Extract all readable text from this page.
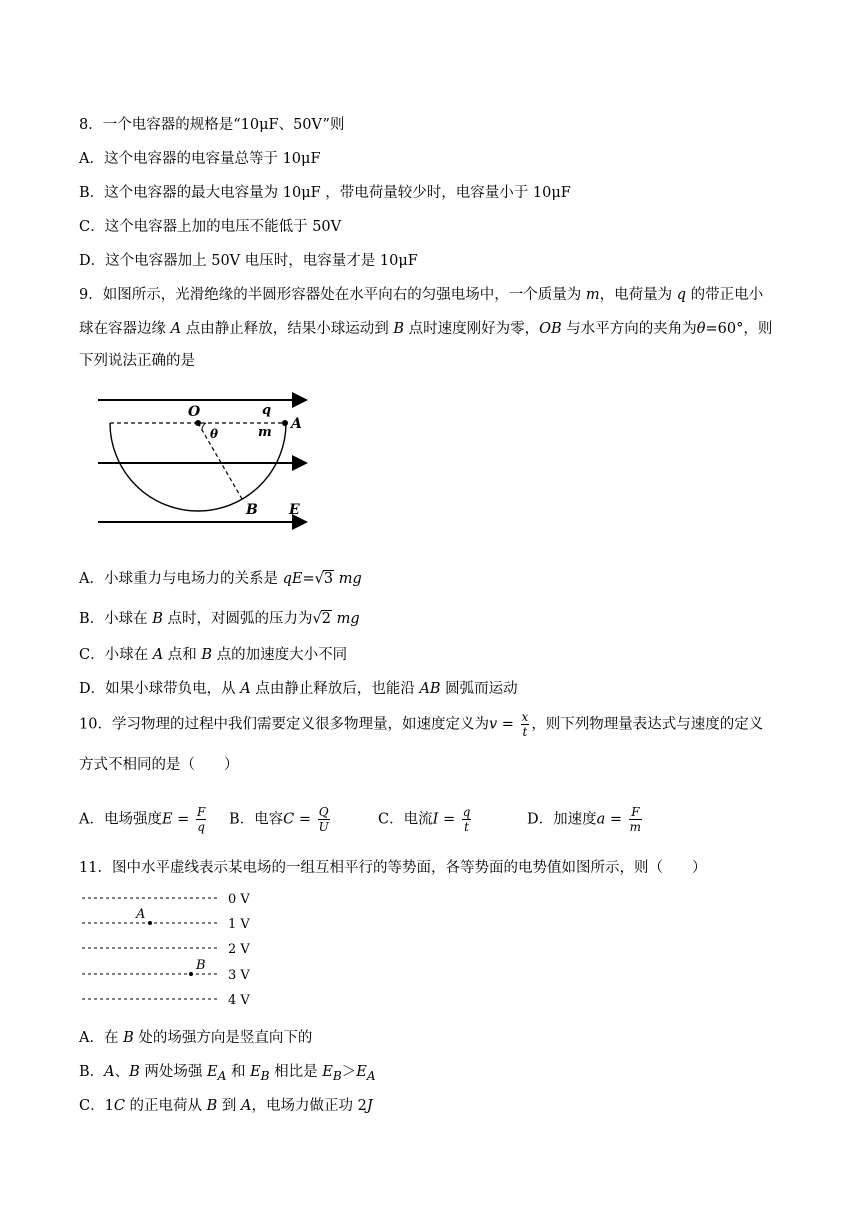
8．一个电容器的规格是“10μF、50V”则
A．这个电容器的电容量总等于 10μF
B．这个电容器的最大电容量为 10μF ，带电荷量较少时，电容量小于 10μF
C．这个电容器上加的电压不能低于 50V
D．这个电容器加上 50V 电压时，电容量才是 10μF
9．如图所示，光滑绝缘的半圆形容器处在水平向右的匀强电场中，一个质量为 m，电荷量为 q 的带正电小
球在容器边缘 A 点由静止释放，结果小球运动到 B 点时速度刚好为零，OB 与水平方向的夹角为θ=60°，则
下列说法正确的是
O	q
A
m
θ
B E
A．小球重力与电场力的关系是 qE=√3 mg
B．小球在 B 点时，对圆弧的压力为√2 mg
C．小球在 A 点和 B 点的加速度大小不同
D．如果小球带负电，从 A 点由静止释放后，也能沿 AB 圆弧而运动
10．学习物理的过程中我们需要定义很多物理量，如速度定义为$v = \frac{x}{t}$ ，则下列物理量表达式与速度的定义
方式不相同的是（　　）
A．电场强度$E = \frac{F}{q}$ B．电容$C = \frac{Q}{U}$	C．电流$I = \frac{q}{t}$	D．加速度$a = \frac{F}{m}$
11．图中水平虚线表示某电场的一组互相平行的等势面，各等势面的电势值如图所示，则（　　）
0 V
1 V
2 V
3 V
4 V
A
B
A．在 B 处的场强方向是竖直向下的
B．A、B 两处场强 $E_A$ 和 $E_B$ 相比是 $E_B>E_A$
C．1C 的正电荷从 B 到 A，电场力做正功 2J
